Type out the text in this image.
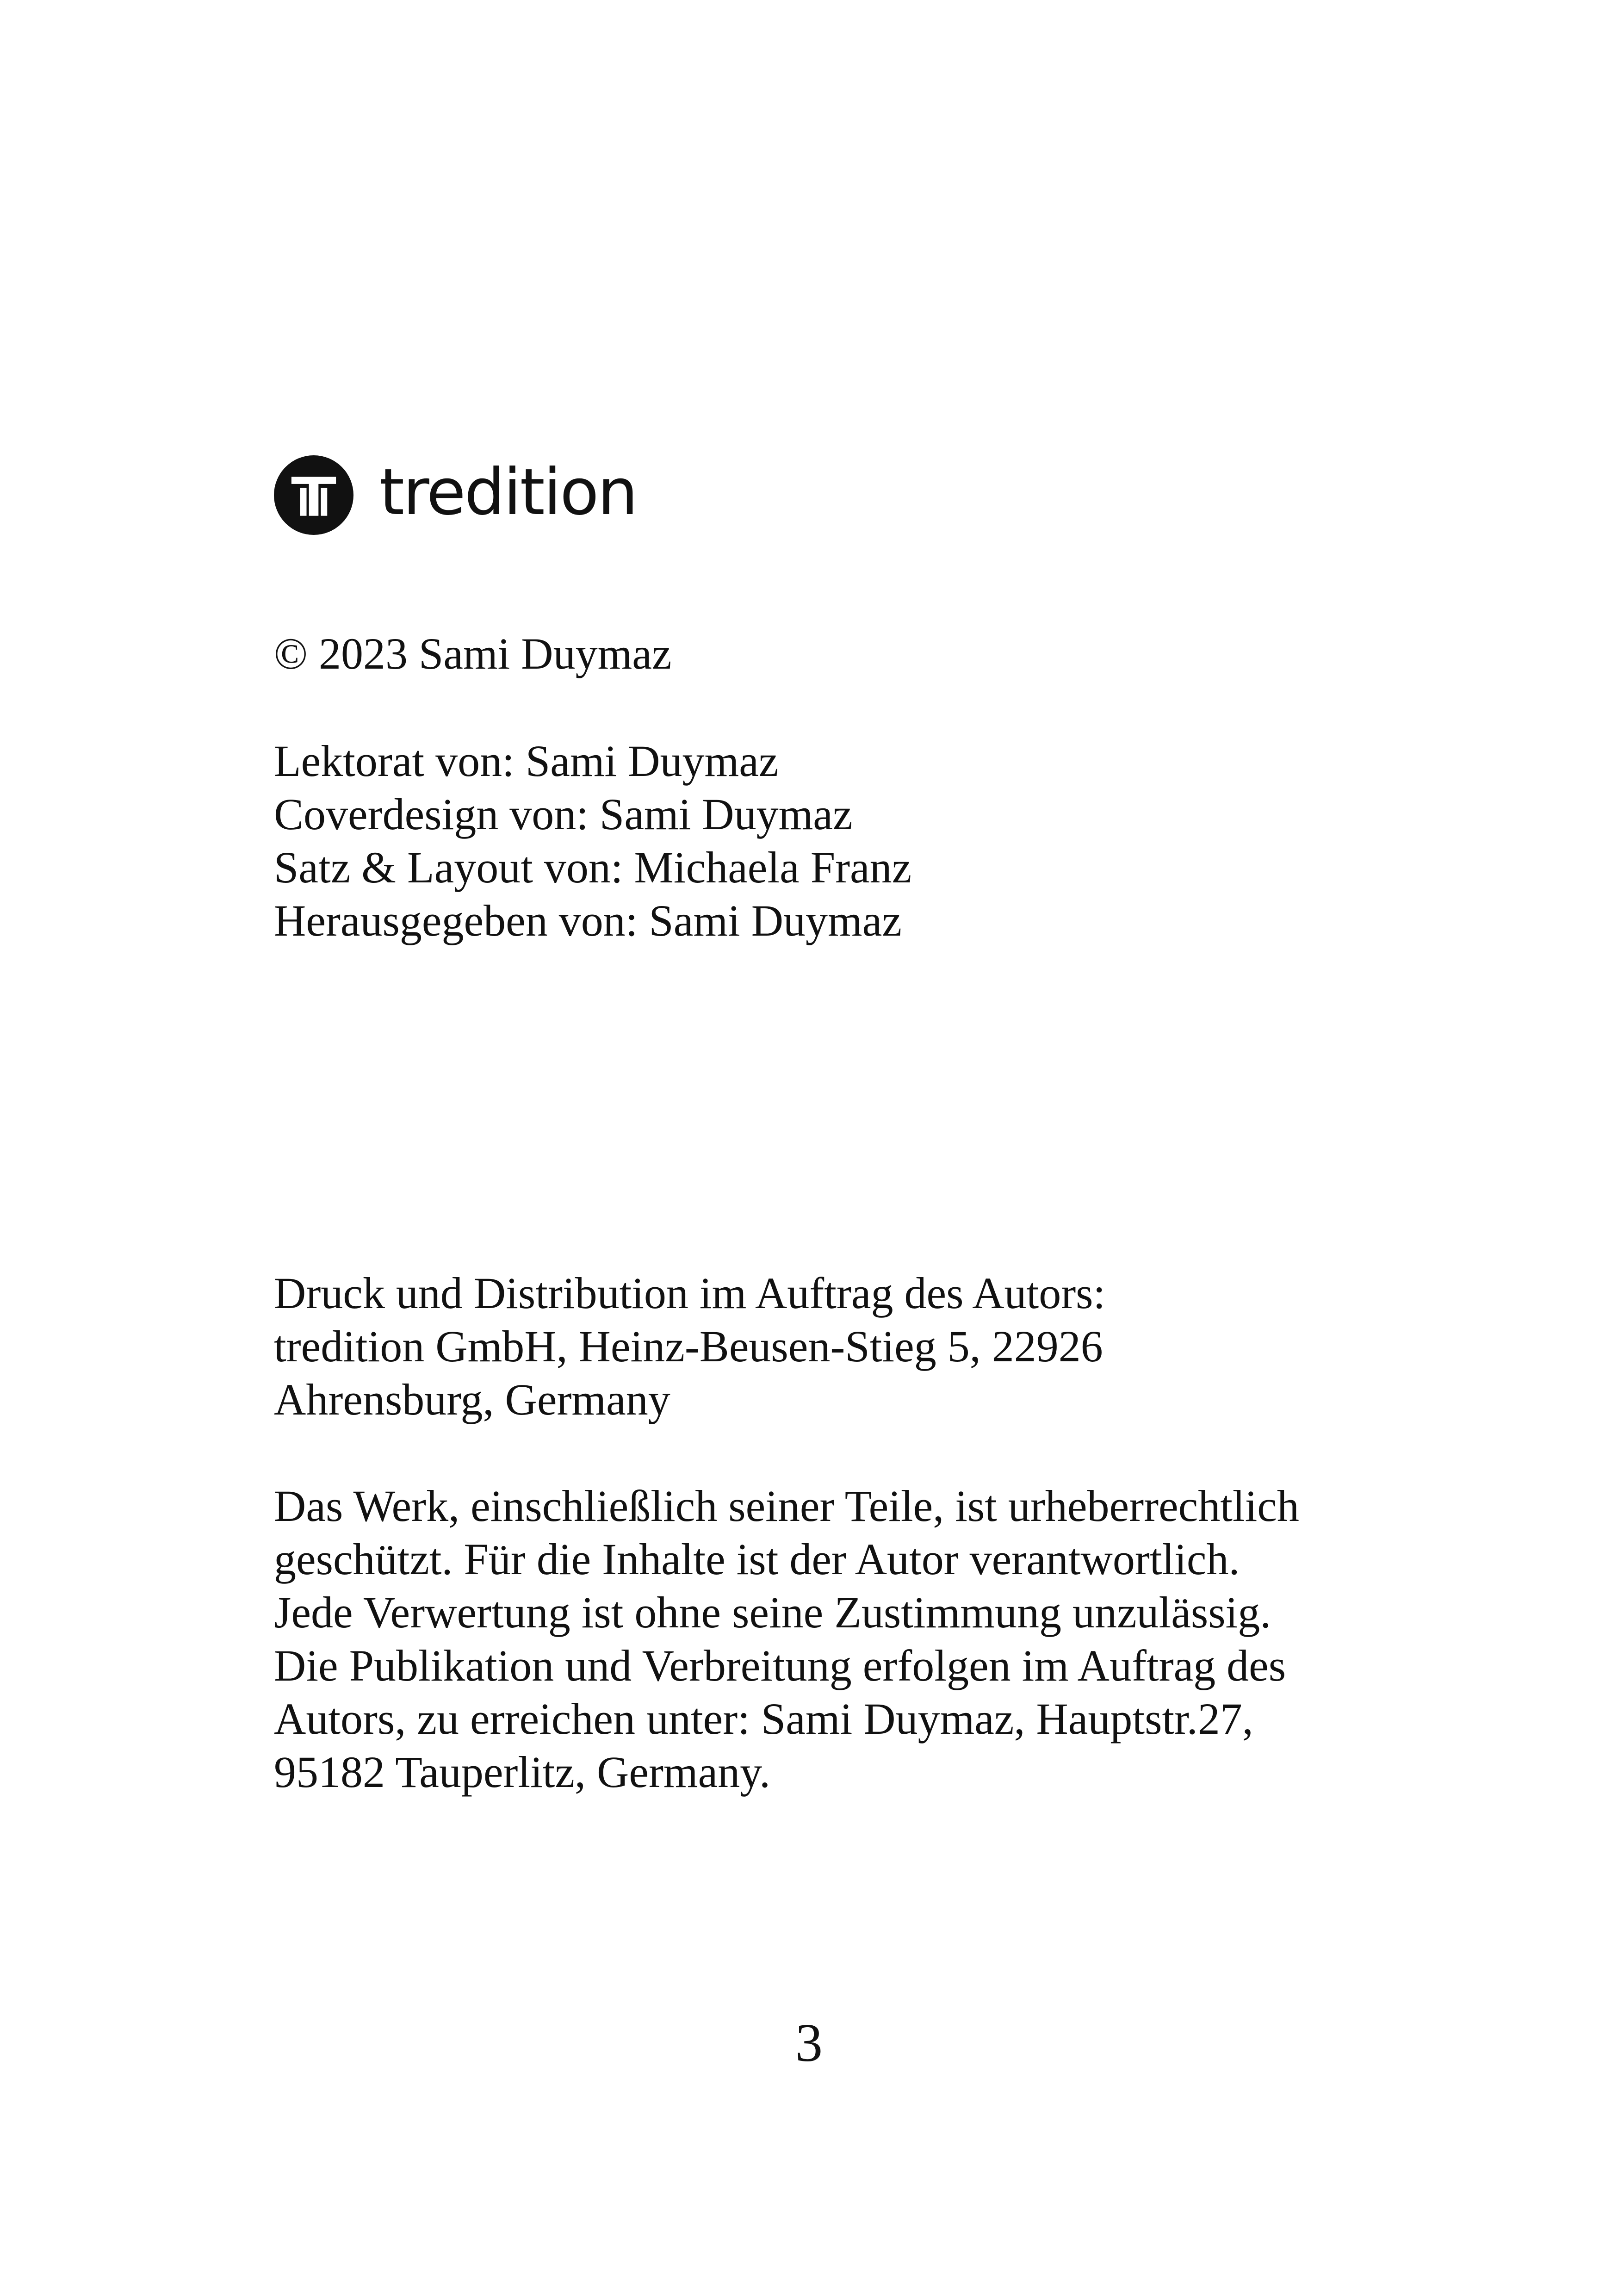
tredition
© 2023 Sami Duymaz
Lektorat von: Sami Duymaz
Coverdesign von: Sami Duymaz
Satz & Layout von: Michaela Franz
Herausgegeben von: Sami Duymaz
Druck und Distribution im Auftrag des Autors:
tredition GmbH, Heinz-Beusen-Stieg 5, 22926
Ahrensburg, Germany
Das Werk, einschließlich seiner Teile, ist urheberrechtlich
geschützt. Für die Inhalte ist der Autor verantwortlich.
Jede Verwertung ist ohne seine Zustimmung unzulässig.
Die Publikation und Verbreitung erfolgen im Auftrag des
Autors, zu erreichen unter: Sami Duymaz, Hauptstr.27,
95182 Tauperlitz, Germany.
3
